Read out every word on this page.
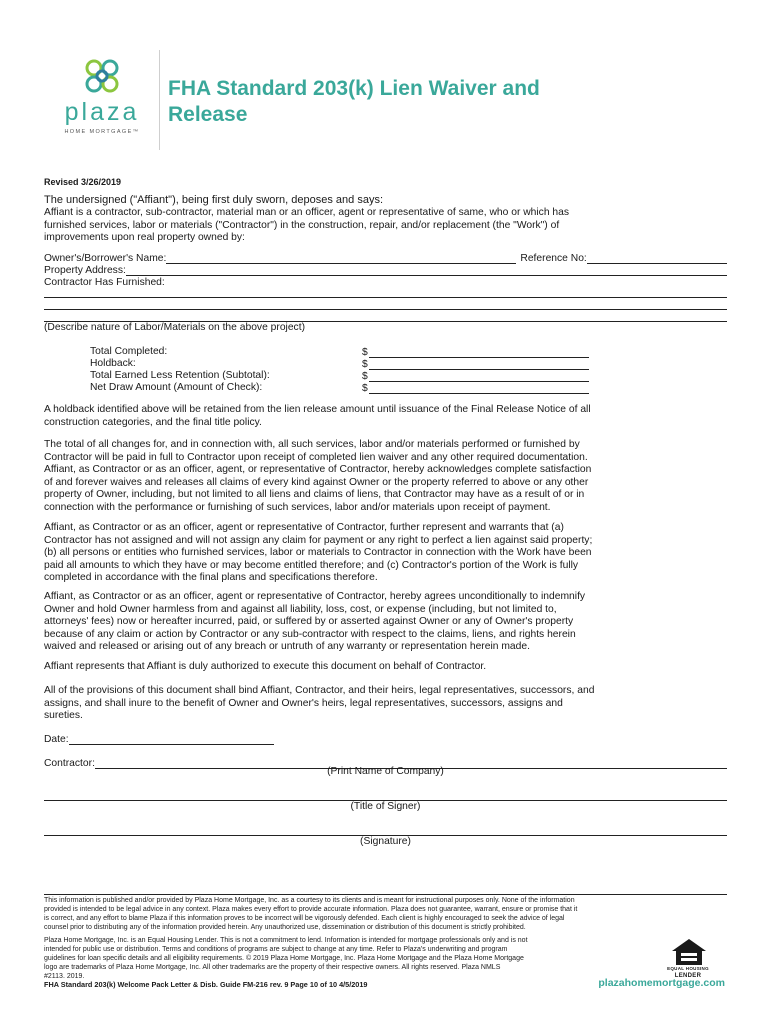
plaza
HOME MORTGAGE™
FHA Standard 203(k) Lien Waiver and
Release
Revised 3/26/2019
The undersigned ("Affiant"), being first duly sworn, deposes and says:
Affiant is a contractor, sub-contractor, material man or an officer, agent or representative of same, who or which has
furnished services, labor or materials ("Contractor") in the construction, repair, and/or replacement (the "Work") of
improvements upon real property owned by:
Owner's/Borrower's Name:	Reference No:
Property Address:
Contractor Has Furnished:
(Describe nature of Labor/Materials on the above project)
Total Completed:
Holdback:
Total Earned Less Retention (Subtotal):
Net Draw Amount (Amount of Check):
$
$
$
$
A holdback identified above will be retained from the lien release amount until issuance of the Final Release Notice of all
construction categories, and the final title policy.
The total of all changes for, and in connection with, all such services, labor and/or materials performed or furnished by
Contractor will be paid in full to Contractor upon receipt of completed lien waiver and any other required documentation.
Affiant, as Contractor or as an officer, agent, or representative of Contractor, hereby acknowledges complete satisfaction
of and forever waives and releases all claims of every kind against Owner or the property referred to above or any other
property of Owner, including, but not limited to all liens and claims of liens, that Contractor may have as a result of or in
connection with the performance or furnishing of such services, labor and/or materials upon receipt of payment.
Affiant, as Contractor or as an officer, agent or representative of Contractor, further represent and warrants that (a)
Contractor has not assigned and will not assign any claim for payment or any right to perfect a lien against said property;
(b) all persons or entities who furnished services, labor or materials to Contractor in connection with the Work have been
paid all amounts to which they have or may become entitled therefore; and (c) Contractor's portion of the Work is fully
completed in accordance with the final plans and specifications therefore.
Affiant, as Contractor or as an officer, agent or representative of Contractor, hereby agrees unconditionally to indemnify
Owner and hold Owner harmless from and against all liability, loss, cost, or expense (including, but not limited to,
attorneys' fees) now or hereafter incurred, paid, or suffered by or asserted against Owner or any of Owner's property
because of any claim or action by Contractor or any sub-contractor with respect to the claims, liens, and rights herein
waived and released or arising out of any breach or untruth of any warranty or representation herein made.
Affiant represents that Affiant is duly authorized to execute this document on behalf of Contractor.
All of the provisions of this document shall bind Affiant, Contractor, and their heirs, legal representatives, successors, and
assigns, and shall inure to the benefit of Owner and Owner's heirs, legal representatives, successors, assigns and
sureties.
Date:
Contractor:
(Print Name of Company)
(Title of Signer)
(Signature)
This information is published and/or provided by Plaza Home Mortgage, Inc. as a courtesy to its clients and is meant for instructional purposes only. None of the information
provided is intended to be legal advice in any context. Plaza makes every effort to provide accurate information. Plaza does not guarantee, warrant, ensure or promise that it
is correct, and any effort to blame Plaza if this information proves to be incorrect will be vigorously defended. Each client is highly encouraged to seek the advice of legal
counsel prior to distributing any of the information provided herein. Any unauthorized use, dissemination or distribution of this document is strictly prohibited.
Plaza Home Mortgage, Inc. is an Equal Housing Lender. This is not a commitment to lend. Information is intended for mortgage professionals only and is not
intended for public use or distribution. Terms and conditions of programs are subject to change at any time. Refer to Plaza's underwriting and program
guidelines for loan specific details and all eligibility requirements. © 2019 Plaza Home Mortgage, Inc. Plaza Home Mortgage and the Plaza Home Mortgage
logo are trademarks of Plaza Home Mortgage, Inc. All other trademarks are the property of their respective owners. All rights reserved. Plaza NMLS
#2113. 2019.
EQUAL HOUSING
LENDER
FHA Standard 203(k) Welcome Pack Letter & Disb. Guide FM-216 rev. 9 Page 10 of 10 4/5/2019	plazahomemortgage.com
